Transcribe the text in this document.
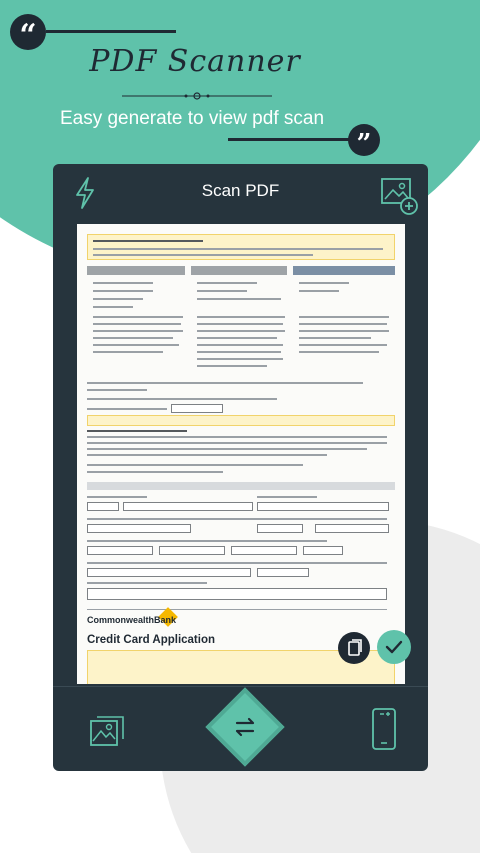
“
PDF Scanner
Easy generate to view pdf scan
”
Scan PDF
CommonwealthBank
Credit Card Application
